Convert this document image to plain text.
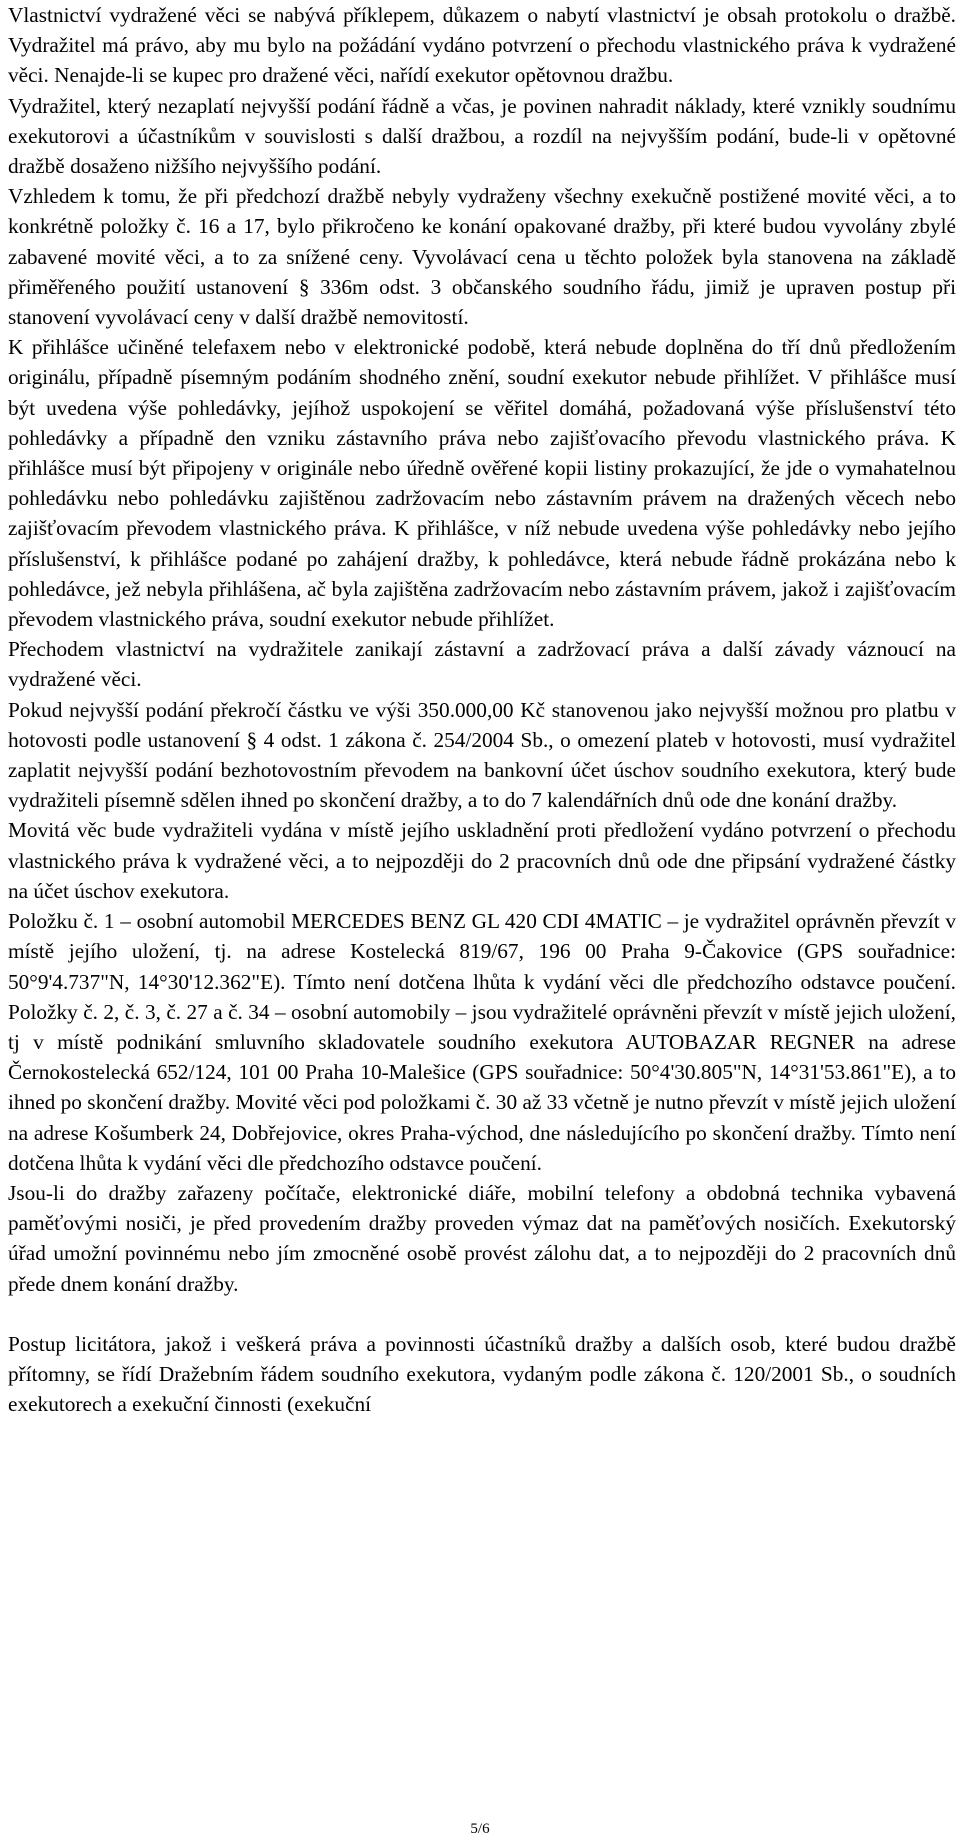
Vlastnictví vydražené věci se nabývá příklepem, důkazem o nabytí vlastnictví je obsah protokolu o dražbě. Vydražitel má právo, aby mu bylo na požádání vydáno potvrzení o přechodu vlastnického práva k vydražené věci. Nenajde-li se kupec pro dražené věci, nařídí exekutor opětovnou dražbu.

Vydražitel, který nezaplatí nejvyšší podání řádně a včas, je povinen nahradit náklady, které vznikly soudnímu exekutorovi a účastníkům v souvislosti s další dražbou, a rozdíl na nejvyšším podání, bude-li v opětovné dražbě dosaženo nižšího nejvyššího podání.

Vzhledem k tomu, že při předchozí dražbě nebyly vydraženy všechny exekučně postižené movité věci, a to konkrétně položky č. 16 a 17, bylo přikročeno ke konání opakované dražby, při které budou vyvolány zbylé zabavené movité věci, a to za snížené ceny. Vyvolávací cena u těchto položek byla stanovena na základě přiměřeného použití ustanovení § 336m odst. 3 občanského soudního řádu, jimiž je upraven postup při stanovení vyvolávací ceny v další dražbě nemovitostí.

K přihlášce učiněné telefaxem nebo v elektronické podobě, která nebude doplněna do tří dnů předložením originálu, případně písemným podáním shodného znění, soudní exekutor nebude přihlížet. V přihlášce musí být uvedena výše pohledávky, jejíhož uspokojení se věřitel domáhá, požadovaná výše příslušenství této pohledávky a případně den vzniku zástavního práva nebo zajišťovacího převodu vlastnického práva. K přihlášce musí být připojeny v originále nebo úředně ověřené kopii listiny prokazující, že jde o vymahatelnou pohledávku nebo pohledávku zajištěnou zadržovacím nebo zástavním právem na dražených věcech nebo zajišťovacím převodem vlastnického práva. K přihlášce, v níž nebude uvedena výše pohledávky nebo jejího příslušenství, k přihlášce podané po zahájení dražby, k pohledávce, která nebude řádně prokázána nebo k pohledávce, jež nebyla přihlášena, ač byla zajištěna zadržovacím nebo zástavním právem, jakož i zajišťovacím převodem vlastnického práva, soudní exekutor nebude přihlížet.

Přechodem vlastnictví na vydražitele zanikají zástavní a zadržovací práva a další závady váznoucí na vydražené věci.

Pokud nejvyšší podání překročí částku ve výši 350.000,00 Kč stanovenou jako nejvyšší možnou pro platbu v hotovosti podle ustanovení § 4 odst. 1 zákona č. 254/2004 Sb., o omezení plateb v hotovosti, musí vydražitel zaplatit nejvyšší podání bezhotovostním převodem na bankovní účet úschov soudního exekutora, který bude vydražiteli písemně sdělen ihned po skončení dražby, a to do 7 kalendářních dnů ode dne konání dražby.

Movitá věc bude vydražiteli vydána v místě jejího uskladnění proti předložení vydáno potvrzení o přechodu vlastnického práva k vydražené věci, a to nejpozději do 2 pracovních dnů ode dne připsání vydražené částky na účet úschov exekutora.

Položku č. 1 – osobní automobil MERCEDES BENZ GL 420 CDI 4MATIC – je vydražitel oprávněn převzít v místě jejího uložení, tj. na adrese Kostelecká 819/67, 196 00 Praha 9-Čakovice (GPS souřadnice: 50°9'4.737"N, 14°30'12.362"E). Tímto není dotčena lhůta k vydání věci dle předchozího odstavce poučení. Položky č. 2, č. 3, č. 27 a č. 34 – osobní automobily – jsou vydražitelé oprávněni převzít v místě jejich uložení, tj v místě podnikání smluvního skladovatele soudního exekutora AUTOBAZAR REGNER na adrese Černokostelecká 652/124, 101 00 Praha 10-Malešice (GPS souřadnice: 50°4'30.805"N, 14°31'53.861"E), a to ihned po skončení dražby. Movité věci pod položkami č. 30 až 33 včetně je nutno převzít v místě jejich uložení na adrese Košumberk 24, Dobřejovice, okres Praha-východ, dne následujícího po skončení dražby. Tímto není dotčena lhůta k vydání věci dle předchozího odstavce poučení.

Jsou-li do dražby zařazeny počítače, elektronické diáře, mobilní telefony a obdobná technika vybavená paměťovými nosiči, je před provedením dražby proveden výmaz dat na paměťových nosičích. Exekutorský úřad umožní povinnému nebo jím zmocněné osobě provést zálohu dat, a to nejpozději do 2 pracovních dnů přede dnem konání dražby.

Postup licitátora, jakož i veškerá práva a povinnosti účastníků dražby a dalších osob, které budou dražbě přítomny, se řídí Dražebním řádem soudního exekutora, vydaným podle zákona č. 120/2001 Sb., o soudních exekutorech a exekuční činnosti (exekuční

5/6
